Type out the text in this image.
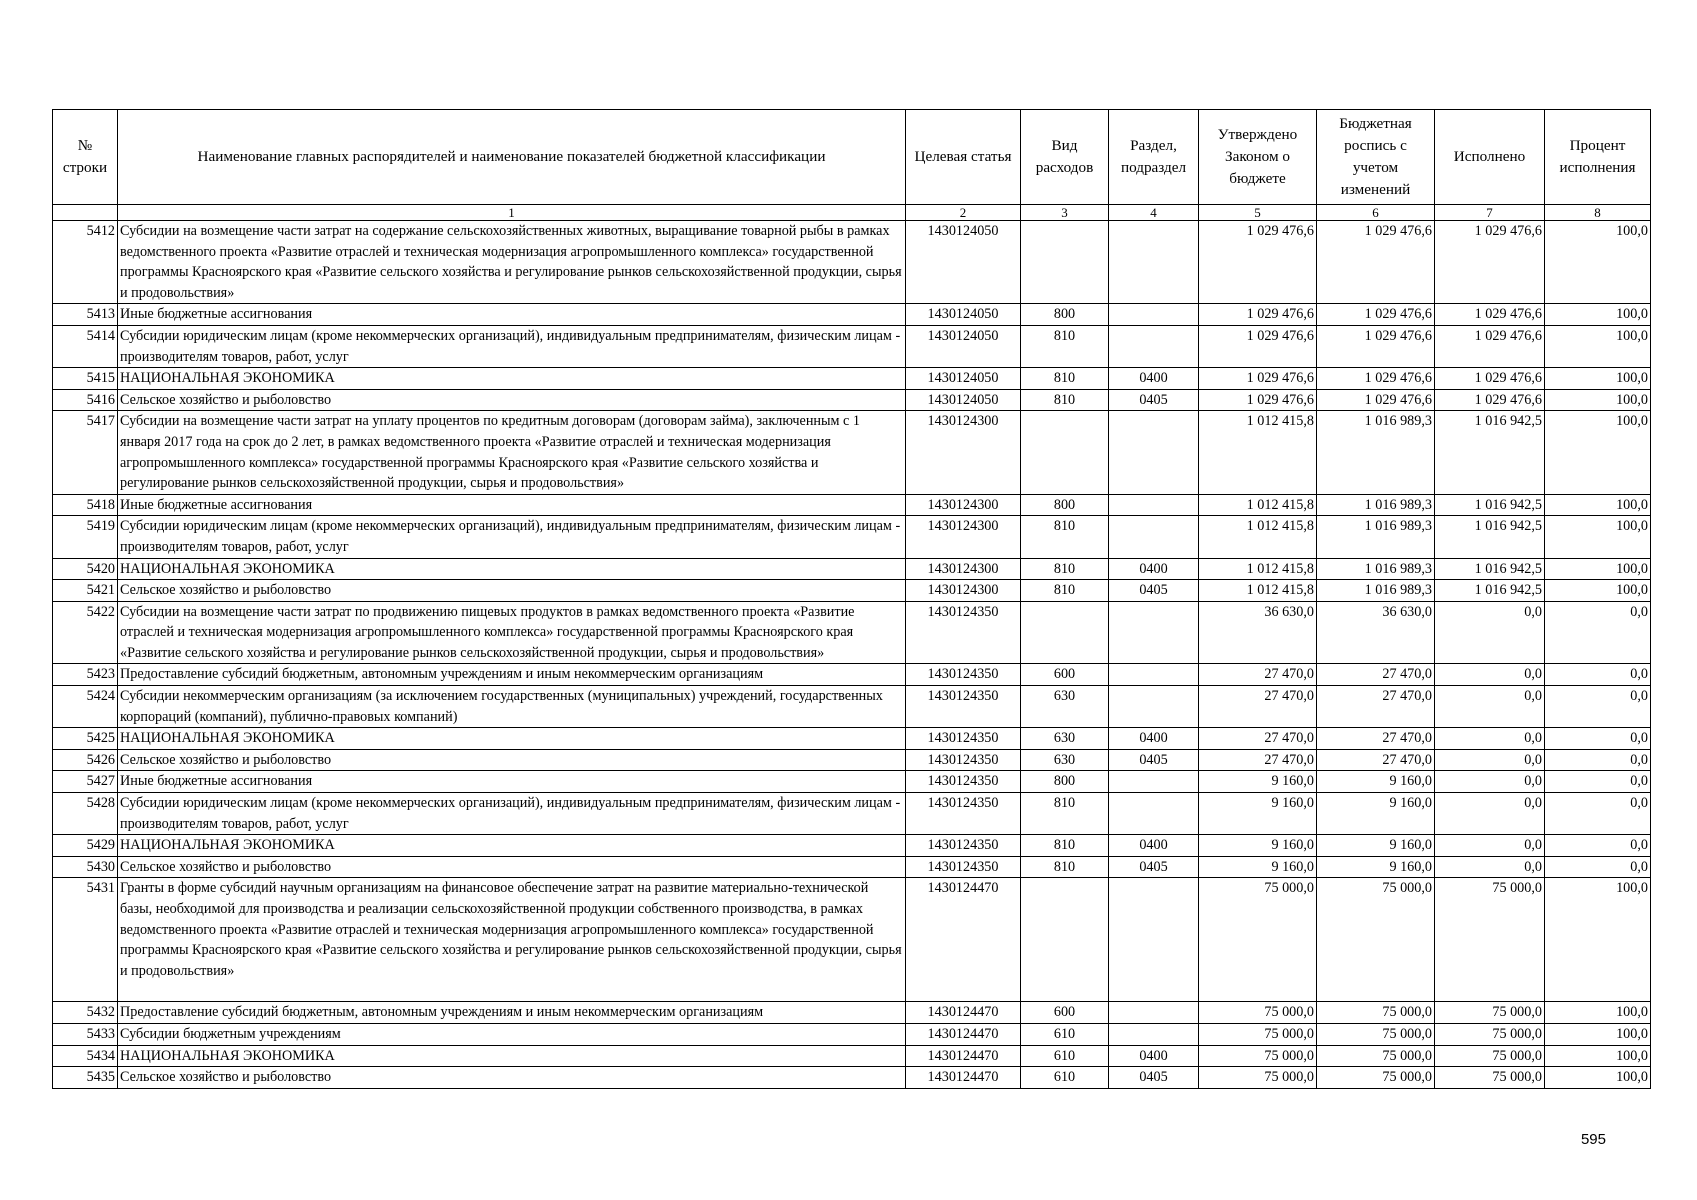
№ строки	Наименование главных распорядителей и наименование показателей бюджетной классификации	Целевая статья	Вид расходов	Раздел, подраздел	Утверждено Законом о бюджете	Бюджетная роспись с учетом изменений	Исполнено	Процент исполнения
	1	2	3	4	5	6	7	8
5412	Субсидии на возмещение части затрат на содержание сельскохозяйственных животных, выращивание товарной рыбы в рамках ведомственного проекта «Развитие отраслей и техническая модернизация агропромышленного комплекса» государственной программы Красноярского края «Развитие сельского хозяйства и регулирование рынков сельскохозяйственной продукции, сырья и продовольствия»	1430124050			1 029 476,6	1 029 476,6	1 029 476,6	100,0
5413	Иные бюджетные ассигнования	1430124050	800		1 029 476,6	1 029 476,6	1 029 476,6	100,0
5414	Субсидии юридическим лицам (кроме некоммерческих организаций), индивидуальным предпринимателям, физическим лицам - производителям товаров, работ, услуг	1430124050	810		1 029 476,6	1 029 476,6	1 029 476,6	100,0
5415	НАЦИОНАЛЬНАЯ ЭКОНОМИКА	1430124050	810	0400	1 029 476,6	1 029 476,6	1 029 476,6	100,0
5416	Сельское хозяйство и рыболовство	1430124050	810	0405	1 029 476,6	1 029 476,6	1 029 476,6	100,0
5417	Субсидии на возмещение части затрат на уплату процентов по кредитным договорам (договорам займа), заключенным с 1 января 2017 года на срок до 2 лет, в рамках ведомственного проекта «Развитие отраслей и техническая модернизация агропромышленного комплекса» государственной программы Красноярского края «Развитие сельского хозяйства и регулирование рынков сельскохозяйственной продукции, сырья и продовольствия»	1430124300			1 012 415,8	1 016 989,3	1 016 942,5	100,0
5418	Иные бюджетные ассигнования	1430124300	800		1 012 415,8	1 016 989,3	1 016 942,5	100,0
5419	Субсидии юридическим лицам (кроме некоммерческих организаций), индивидуальным предпринимателям, физическим лицам - производителям товаров, работ, услуг	1430124300	810		1 012 415,8	1 016 989,3	1 016 942,5	100,0
5420	НАЦИОНАЛЬНАЯ ЭКОНОМИКА	1430124300	810	0400	1 012 415,8	1 016 989,3	1 016 942,5	100,0
5421	Сельское хозяйство и рыболовство	1430124300	810	0405	1 012 415,8	1 016 989,3	1 016 942,5	100,0
5422	Субсидии на возмещение части затрат по продвижению пищевых продуктов в рамках ведомственного проекта «Развитие отраслей и техническая модернизация агропромышленного комплекса» государственной программы Красноярского края «Развитие сельского хозяйства и регулирование рынков сельскохозяйственной продукции, сырья и продовольствия»	1430124350			36 630,0	36 630,0	0,0	0,0
5423	Предоставление субсидий бюджетным, автономным учреждениям и иным некоммерческим организациям	1430124350	600		27 470,0	27 470,0	0,0	0,0
5424	Субсидии некоммерческим организациям (за исключением государственных (муниципальных) учреждений, государственных корпораций (компаний), публично-правовых компаний)	1430124350	630		27 470,0	27 470,0	0,0	0,0
5425	НАЦИОНАЛЬНАЯ ЭКОНОМИКА	1430124350	630	0400	27 470,0	27 470,0	0,0	0,0
5426	Сельское хозяйство и рыболовство	1430124350	630	0405	27 470,0	27 470,0	0,0	0,0
5427	Иные бюджетные ассигнования	1430124350	800		9 160,0	9 160,0	0,0	0,0
5428	Субсидии юридическим лицам (кроме некоммерческих организаций), индивидуальным предпринимателям, физическим лицам - производителям товаров, работ, услуг	1430124350	810		9 160,0	9 160,0	0,0	0,0
5429	НАЦИОНАЛЬНАЯ ЭКОНОМИКА	1430124350	810	0400	9 160,0	9 160,0	0,0	0,0
5430	Сельское хозяйство и рыболовство	1430124350	810	0405	9 160,0	9 160,0	0,0	0,0
5431	Гранты в форме субсидий научным организациям на финансовое обеспечение затрат на развитие материально-технической базы, необходимой для производства и реализации сельскохозяйственной продукции собственного производства, в рамках ведомственного проекта «Развитие отраслей и техническая модернизация агропромышленного комплекса» государственной программы Красноярского края «Развитие сельского хозяйства и регулирование рынков сельскохозяйственной продукции, сырья и продовольствия»	1430124470			75 000,0	75 000,0	75 000,0	100,0
5432	Предоставление субсидий бюджетным, автономным учреждениям и иным некоммерческим организациям	1430124470	600		75 000,0	75 000,0	75 000,0	100,0
5433	Субсидии бюджетным учреждениям	1430124470	610		75 000,0	75 000,0	75 000,0	100,0
5434	НАЦИОНАЛЬНАЯ ЭКОНОМИКА	1430124470	610	0400	75 000,0	75 000,0	75 000,0	100,0
5435	Сельское хозяйство и рыболовство	1430124470	610	0405	75 000,0	75 000,0	75 000,0	100,0
595
